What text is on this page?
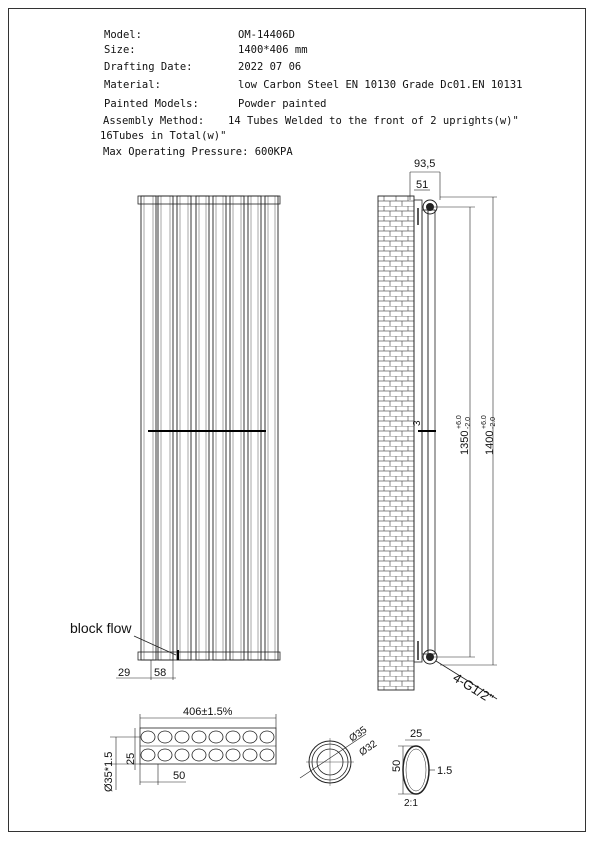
Model:	OM-14406D
Size:	1400*406 mm
Drafting Date:	2022 07 06
Material:	low Carbon Steel EN 10130 Grade Dc01.EN 10131
Painted Models:	Powder painted
Assembly Method: 14 Tubes Welded to the front of 2 uprights(w)"
16Tubes in Total(w)"
Max Operating Pressure: 600KPA
block flow
29 58
93,5
51
3
1350
+6.0 -2.0
1400
+6.0 -2.0
4-G1/2"
406±1.5%
Ø35*1.5 25
50
Ø35
Ø32
25
50	1.5
2:1
